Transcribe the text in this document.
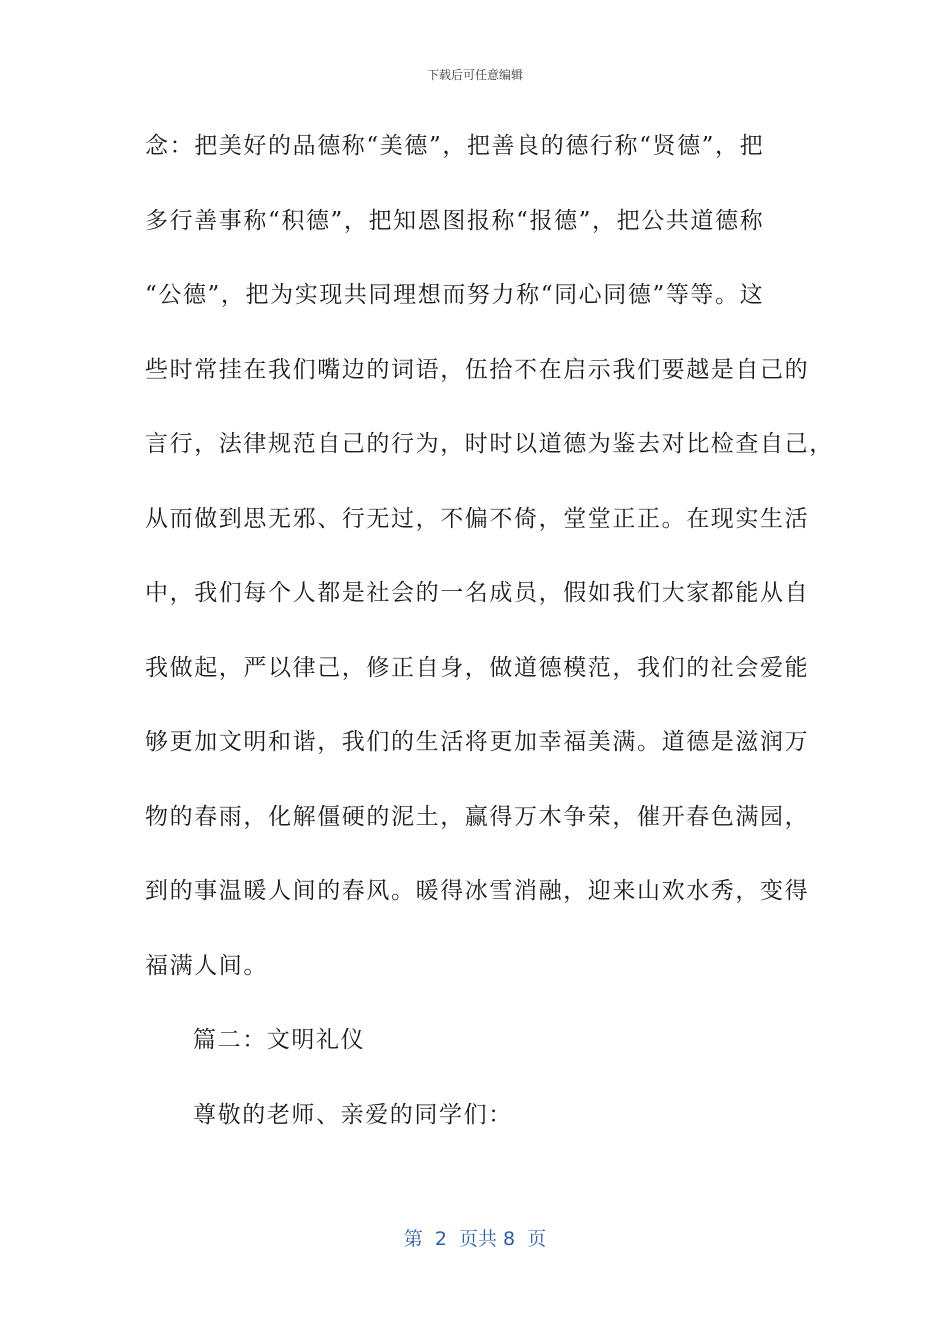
下载后可任意编辑
念：把美好的品德称“美德”，把善良的德行称“贤德”，把
多行善事称“积德”，把知恩图报称“报德”，把公共道德称
“公德”，把为实现共同理想而努力称“同心同德”等等。这
些时常挂在我们嘴边的词语，伍拾不在启示我们要越是自己的
言行，法律规范自己的行为，时时以道德为鉴去对比检查自己，
从而做到思无邪、行无过，不偏不倚，堂堂正正。在现实生活
中，我们每个人都是社会的一名成员，假如我们大家都能从自
我做起，严以律己，修正自身，做道德模范，我们的社会爱能
够更加文明和谐，我们的生活将更加幸福美满。道德是滋润万
物的春雨，化解僵硬的泥土，赢得万木争荣，催开春色满园，
到的事温暖人间的春风。暖得冰雪消融，迎来山欢水秀，变得
福满人间。
篇二：文明礼仪
尊敬的老师、亲爱的同学们：
第  2  页共 8  页
